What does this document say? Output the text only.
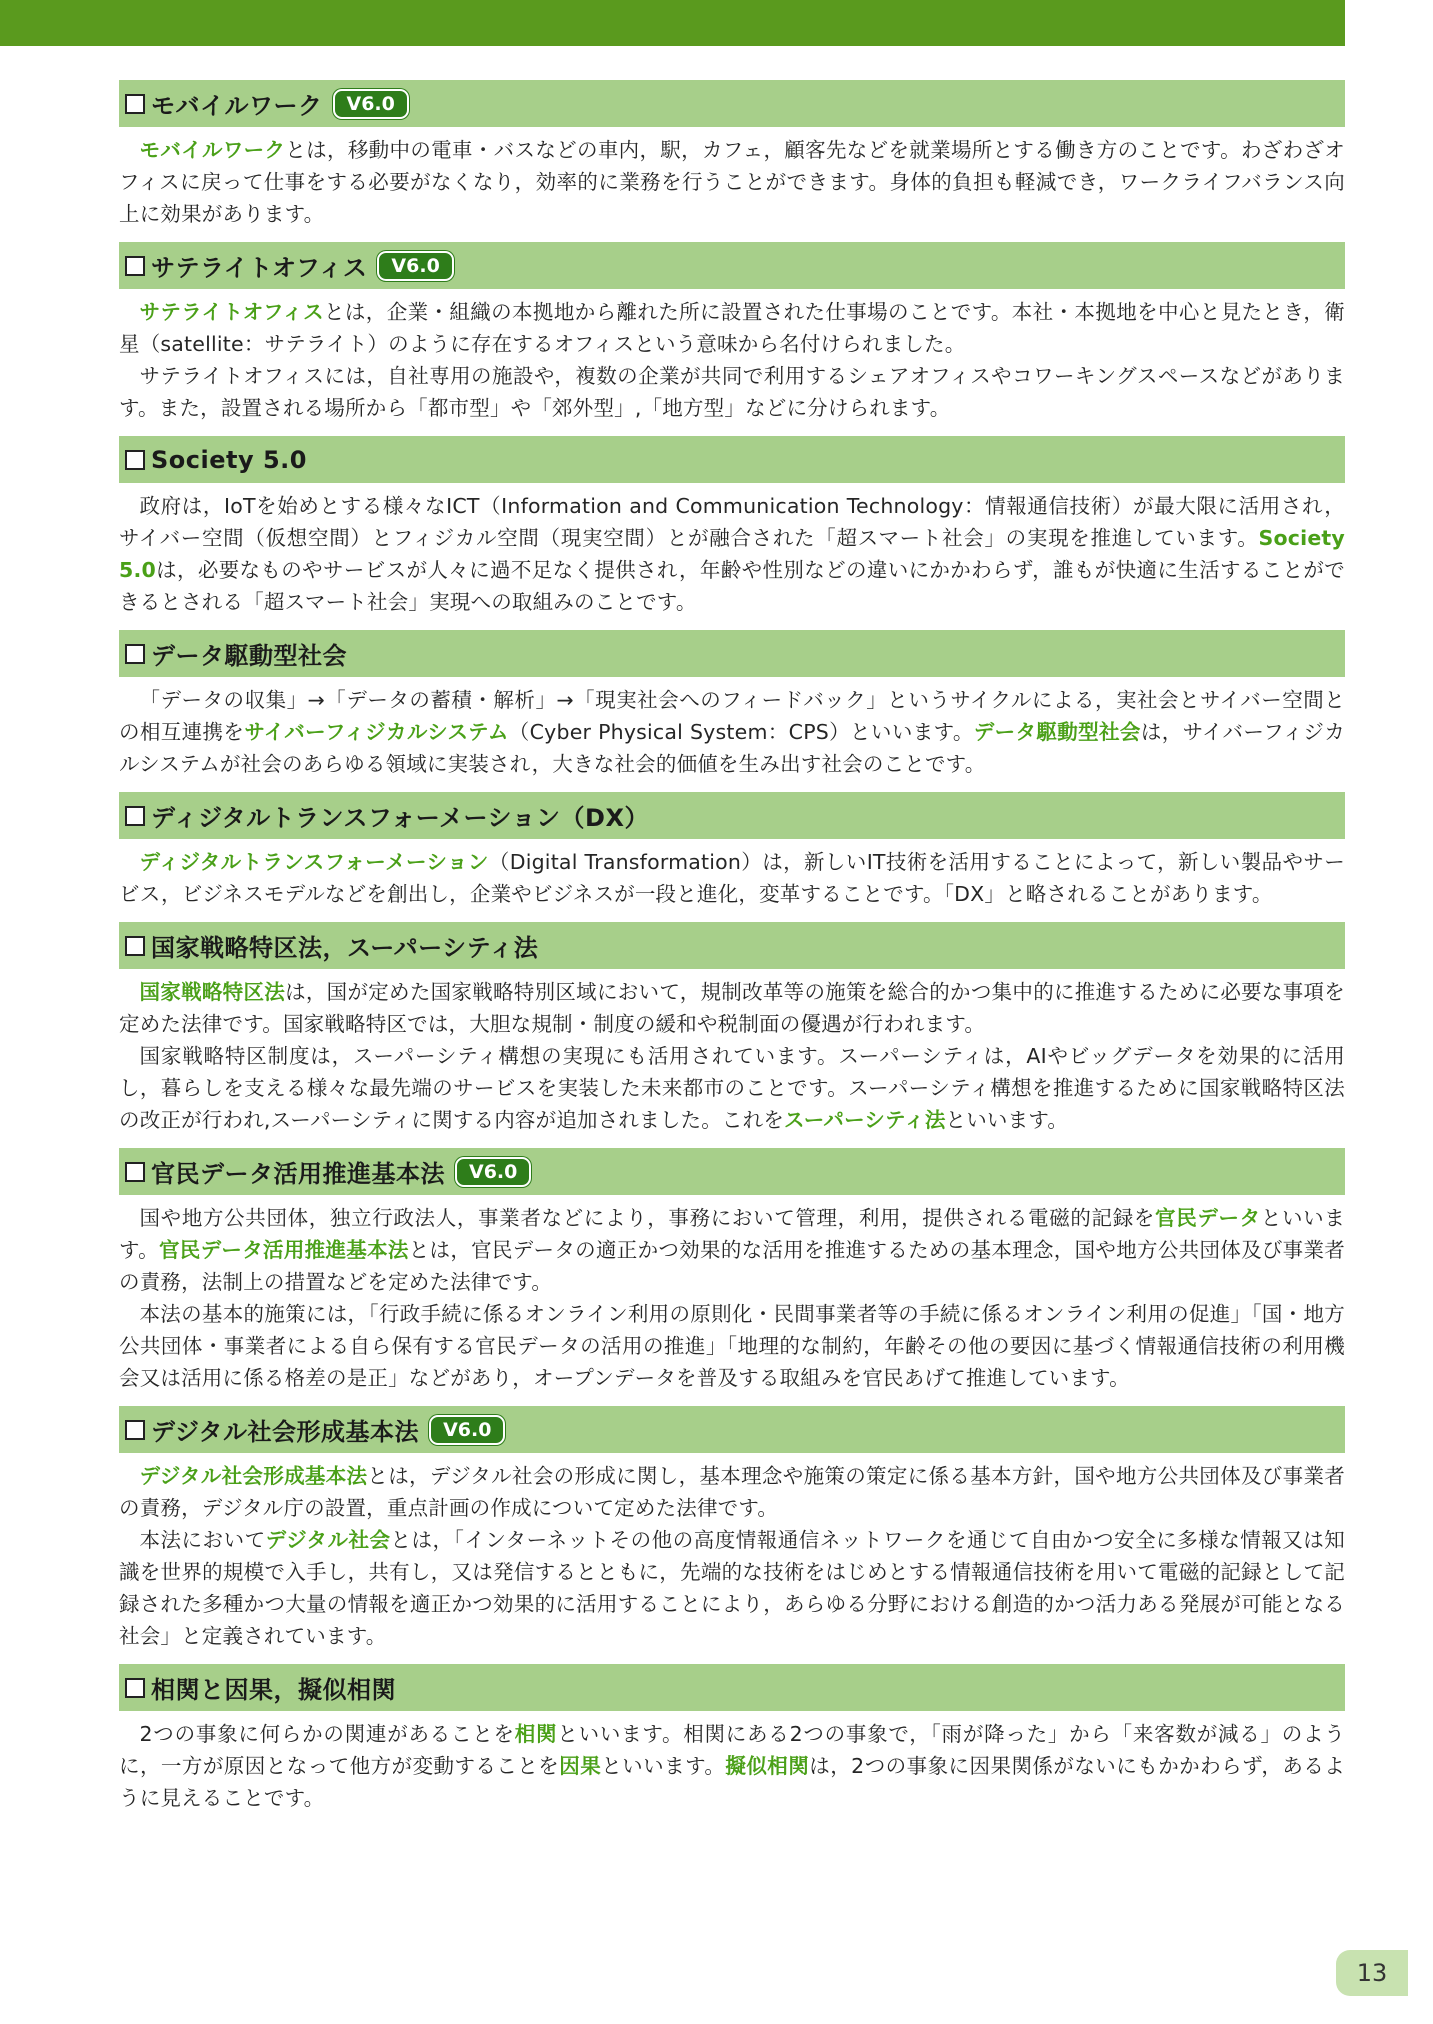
モバイルワーク	V6.0

モバイルワークとは，移動中の電車・バスなどの車内，駅，カフェ，顧客先などを就業場所とする働き方のことです。わざわざオフィスに戻って仕事をする必要がなくなり，効率的に業務を行うことができます。身体的負担も軽減でき，ワークライフバランス向上に効果があります。

サテライトオフィス	V6.0

サテライトオフィスとは，企業・組織の本拠地から離れた所に設置された仕事場のことです。本社・本拠地を中心と見たとき，衛星（satellite：サテライト）のように存在するオフィスという意味から名付けられました。

サテライトオフィスには，自社専用の施設や，複数の企業が共同で利用するシェアオフィスやコワーキングスペースなどがあります。また，設置される場所から「都市型」や「郊外型」,「地方型」などに分けられます。

Society 5.0

政府は，IoTを始めとする様々なICT（Information and Communication Technology：情報通信技術）が最大限に活用され，サイバー空間（仮想空間）とフィジカル空間（現実空間）とが融合された「超スマート社会」の実現を推進しています。Society 5.0は，必要なものやサービスが人々に過不足なく提供され，年齢や性別などの違いにかかわらず，誰もが快適に生活することができるとされる「超スマート社会」実現への取組みのことです。

データ駆動型社会

「データの収集」→「データの蓄積・解析」→「現実社会へのフィードバック」というサイクルによる，実社会とサイバー空間との相互連携をサイバーフィジカルシステム（Cyber Physical System：CPS）といいます。データ駆動型社会は，サイバーフィジカルシステムが社会のあらゆる領域に実装され，大きな社会的価値を生み出す社会のことです。

ディジタルトランスフォーメーション（DX）

ディジタルトランスフォーメーション（Digital Transformation）は，新しいIT技術を活用することによって，新しい製品やサービス，ビジネスモデルなどを創出し，企業やビジネスが一段と進化，変革することです。「DX」と略されることがあります。

国家戦略特区法，スーパーシティ法

国家戦略特区法は，国が定めた国家戦略特別区域において，規制改革等の施策を総合的かつ集中的に推進するために必要な事項を定めた法律です。国家戦略特区では，大胆な規制・制度の緩和や税制面の優遇が行われます。

国家戦略特区制度は，スーパーシティ構想の実現にも活用されています。スーパーシティは，AIやビッグデータを効果的に活用し，暮らしを支える様々な最先端のサービスを実装した未来都市のことです。スーパーシティ構想を推進するために国家戦略特区法の改正が行われ,スーパーシティに関する内容が追加されました。これをスーパーシティ法といいます。

官民データ活用推進基本法	V6.0

国や地方公共団体，独立行政法人，事業者などにより，事務において管理，利用，提供される電磁的記録を官民データといいます。官民データ活用推進基本法とは，官民データの適正かつ効果的な活用を推進するための基本理念，国や地方公共団体及び事業者の責務，法制上の措置などを定めた法律です。

本法の基本的施策には，「行政手続に係るオンライン利用の原則化・民間事業者等の手続に係るオンライン利用の促進」「国・地方公共団体・事業者による自ら保有する官民データの活用の推進」「地理的な制約，年齢その他の要因に基づく情報通信技術の利用機会又は活用に係る格差の是正」などがあり，オープンデータを普及する取組みを官民あげて推進しています。

デジタル社会形成基本法	V6.0

デジタル社会形成基本法とは，デジタル社会の形成に関し，基本理念や施策の策定に係る基本方針，国や地方公共団体及び事業者の責務，デジタル庁の設置，重点計画の作成について定めた法律です。

本法においてデジタル社会とは，「インターネットその他の高度情報通信ネットワークを通じて自由かつ安全に多様な情報又は知識を世界的規模で入手し，共有し，又は発信するとともに，先端的な技術をはじめとする情報通信技術を用いて電磁的記録として記録された多種かつ大量の情報を適正かつ効果的に活用することにより，あらゆる分野における創造的かつ活力ある発展が可能となる社会」と定義されています。

相関と因果，擬似相関

2つの事象に何らかの関連があることを相関といいます。相関にある2つの事象で，「雨が降った」から「来客数が減る」のように，一方が原因となって他方が変動することを因果といいます。擬似相関は，2つの事象に因果関係がないにもかかわらず，あるように見えることです。

13
